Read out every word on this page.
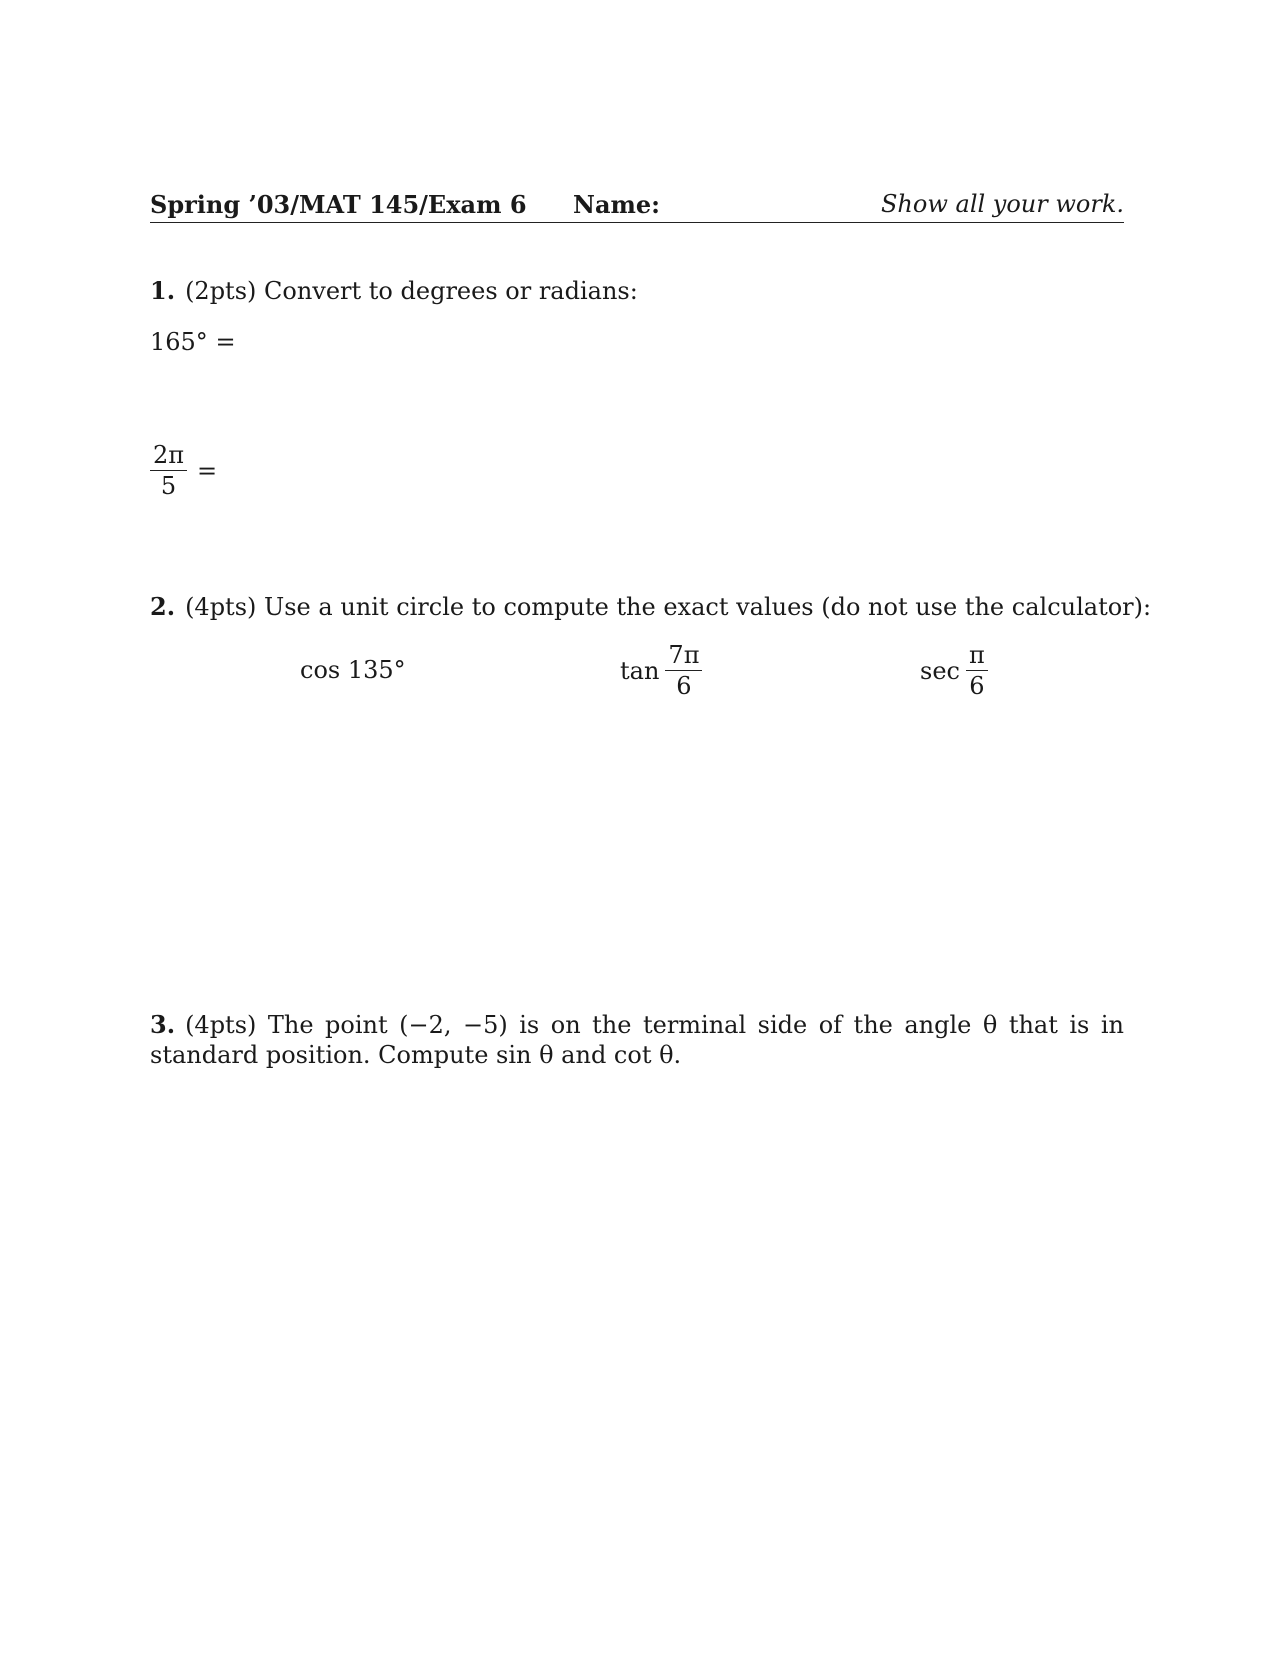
Spring ’03/MAT 145/Exam 6 Name:	Show all your work.
1. (2pts) Convert to degrees or radians:
165° =
$\frac{2\pi}{5}$ =
2. (4pts) Use a unit circle to compute the exact values (do not use the calculator):
cos 135°	$\tan \frac{7\pi}{6}$	$\sec \frac{\pi}{6}$
3. (4pts) The point (−2, −5) is on the terminal side of the angle θ that is in standard position. Compute sin θ and cot θ.
